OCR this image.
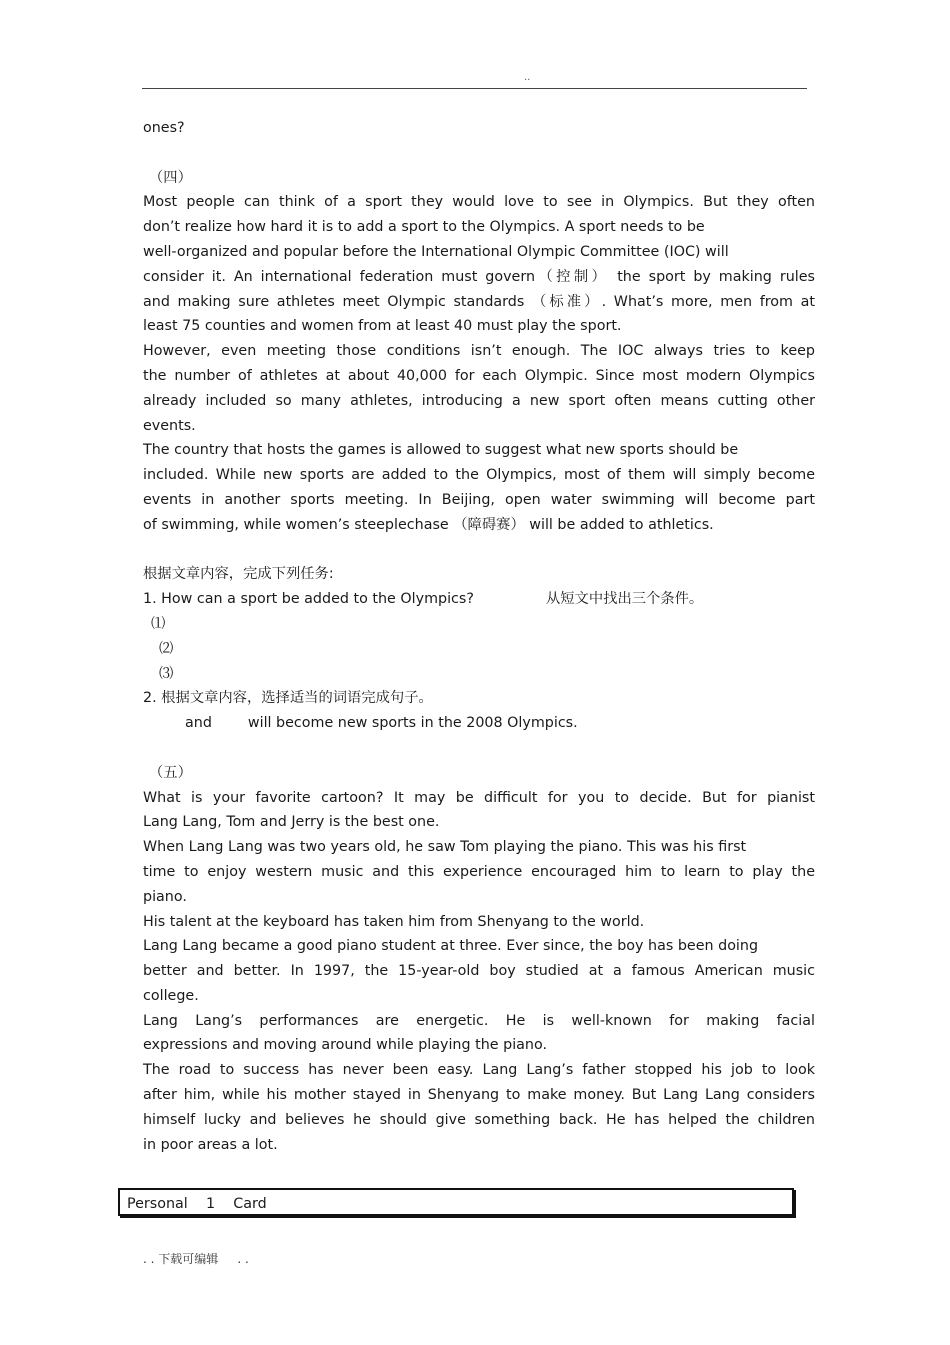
..

ones?

（四）

Most people can think of a sport they would love to see in Olympics. But they often

don’t realize how hard it is to add a sport to the Olympics. A sport needs to be

well-organized and popular before the International Olympic Committee (IOC) will

consider it. An international federation must govern（控制） the sport by making rules

and making sure athletes meet Olympic standards （标准）. What’s more, men from at

least 75 counties and women from at least 40 must play the sport.

However, even meeting those conditions isn’t enough. The IOC always tries to keep

the number of athletes at about 40,000 for each Olympic. Since most modern Olympics

already included so many athletes, introducing a new sport often means cutting other

events.

The country that hosts the games is allowed to suggest what new sports should be

included. While new sports are added to the Olympics, most of them will simply become

events in another sports meeting. In Beijing, open water swimming will become part

of swimming, while women’s steeplechase （障碍赛） will be added to athletics.

根据文章内容，完成下列任务:

1. How can a sport be added to the Olympics?	从短文中找出三个条件。

⑴

⑵

⑶

2. 根据文章内容，选择适当的词语完成句子。

and	will become new sports in the 2008 Olympics.

（五）

What is your favorite cartoon? It may be difficult for you to decide. But for pianist

Lang Lang, Tom and Jerry is the best one.

When Lang Lang was two years old, he saw Tom playing the piano. This was his first

time to enjoy western music and this experience encouraged him to learn to play the

piano.

His talent at the keyboard has taken him from Shenyang to the world.

Lang Lang became a good piano student at three. Ever since, the boy has been doing

better and better. In 1997, the 15-year-old boy studied at a famous American music

college.

Lang Lang’s performances are energetic. He is well-known for making facial

expressions and moving around while playing the piano.

The road to success has never been easy. Lang Lang’s father stopped his job to look

after him, while his mother stayed in Shenyang to make money. But Lang Lang considers

himself lucky and believes he should give something back. He has helped the children

in poor areas a lot.

Personal    1    Card
. . 下载可编辑     . .
